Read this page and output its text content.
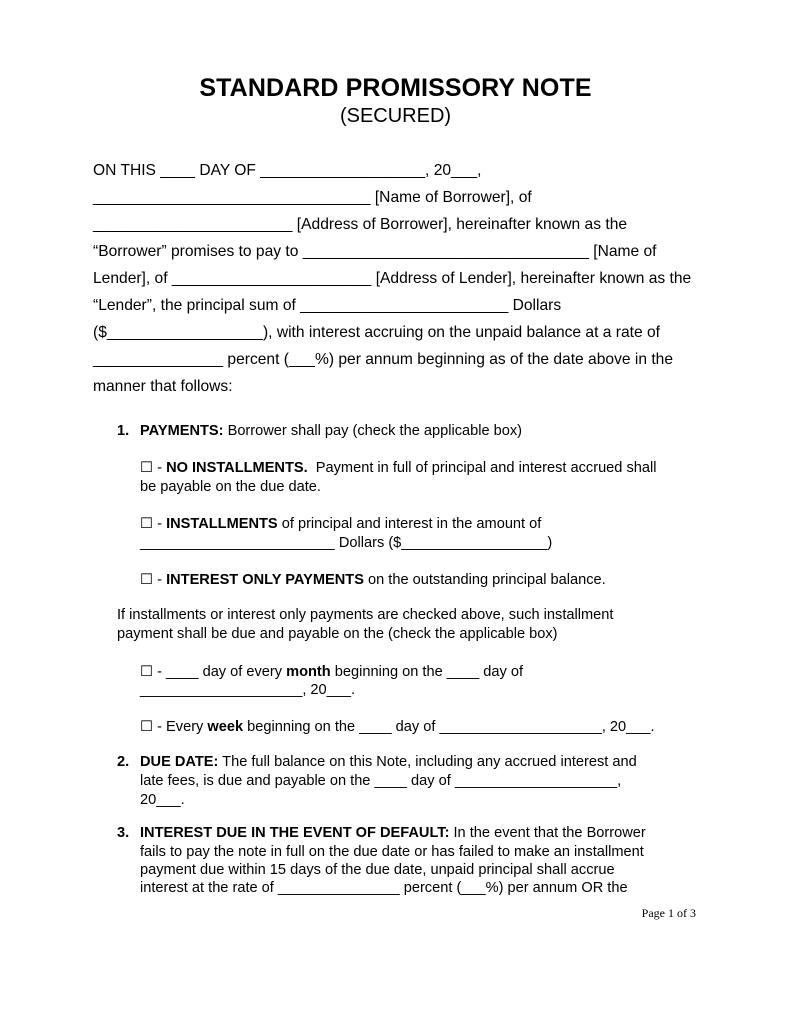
STANDARD PROMISSORY NOTE
(SECURED)
ON THIS ____ DAY OF ___________________, 20___,
________________________________ [Name of Borrower], of
_______________________ [Address of Borrower], hereinafter known as the
“Borrower” promises to pay to _________________________________ [Name of
Lender], of _______________________ [Address of Lender], hereinafter known as the
“Lender”, the principal sum of ________________________ Dollars
($__________________), with interest accruing on the unpaid balance at a rate of
_______________ percent (___%) per annum beginning as of the date above in the
manner that follows:
1. PAYMENTS: Borrower shall pay (check the applicable box)
☐ - NO INSTALLMENTS.  Payment in full of principal and interest accrued shall
be payable on the due date.
☐ - INSTALLMENTS of principal and interest in the amount of
________________________ Dollars ($__________________)
☐ - INTEREST ONLY PAYMENTS on the outstanding principal balance.
If installments or interest only payments are checked above, such installment
payment shall be due and payable on the (check the applicable box)
☐ - ____ day of every month beginning on the ____ day of
____________________, 20___.
☐ - Every week beginning on the ____ day of ____________________, 20___.
2. DUE DATE: The full balance on this Note, including any accrued interest and
late fees, is due and payable on the ____ day of ____________________,
20___.
3. INTEREST DUE IN THE EVENT OF DEFAULT: In the event that the Borrower
fails to pay the note in full on the due date or has failed to make an installment
payment due within 15 days of the due date, unpaid principal shall accrue
interest at the rate of _______________ percent (___%) per annum OR the
Page 1 of 3
